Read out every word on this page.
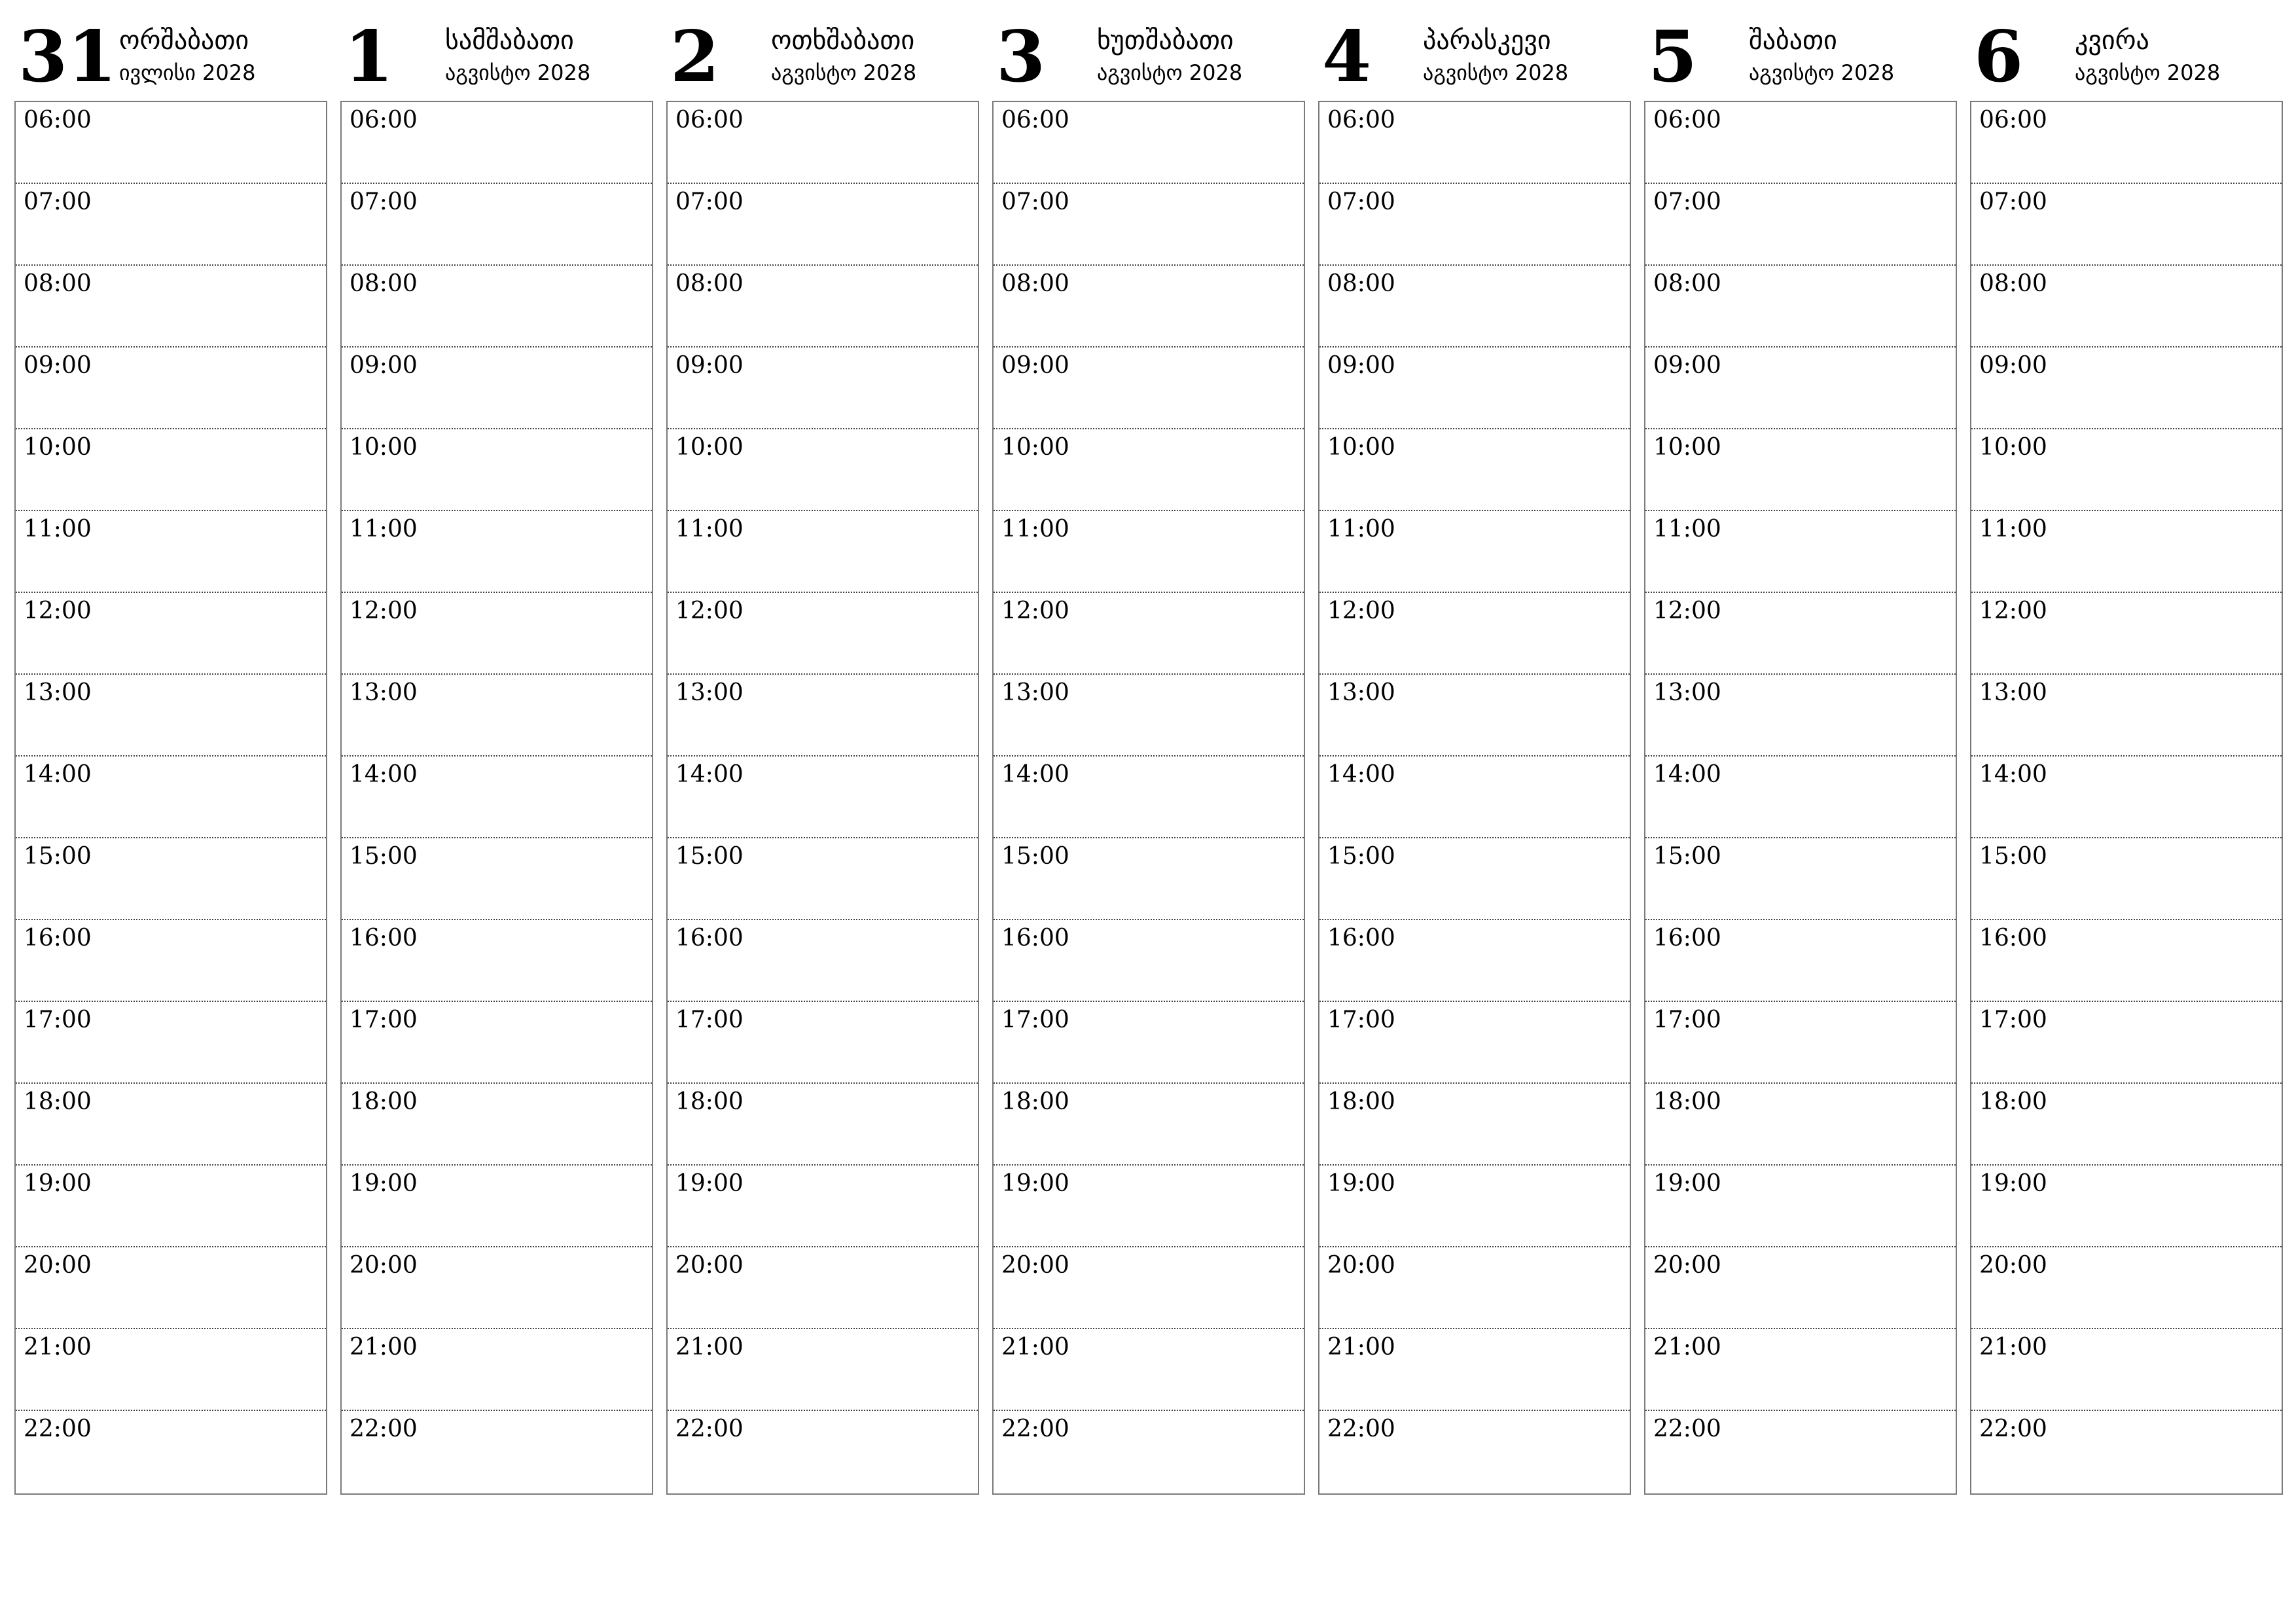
31 ორშაბათი
ივლისი 2028
06:00
07:00
08:00
09:00
10:00
11:00
12:00
13:00
14:00
15:00
16:00
17:00
18:00
19:00
20:00
21:00
22:00
1 სამშაბათი
აგვისტო 2028
06:00
07:00
08:00
09:00
10:00
11:00
12:00
13:00
14:00
15:00
16:00
17:00
18:00
19:00
20:00
21:00
22:00
2 ოთხშაბათი
აგვისტო 2028
06:00
07:00
08:00
09:00
10:00
11:00
12:00
13:00
14:00
15:00
16:00
17:00
18:00
19:00
20:00
21:00
22:00
3 ხუთშაბათი
აგვისტო 2028
06:00
07:00
08:00
09:00
10:00
11:00
12:00
13:00
14:00
15:00
16:00
17:00
18:00
19:00
20:00
21:00
22:00
4 პარასკევი
აგვისტო 2028
06:00
07:00
08:00
09:00
10:00
11:00
12:00
13:00
14:00
15:00
16:00
17:00
18:00
19:00
20:00
21:00
22:00
5 შაბათი
აგვისტო 2028
06:00
07:00
08:00
09:00
10:00
11:00
12:00
13:00
14:00
15:00
16:00
17:00
18:00
19:00
20:00
21:00
22:00
6 კვირა
აგვისტო 2028
06:00
07:00
08:00
09:00
10:00
11:00
12:00
13:00
14:00
15:00
16:00
17:00
18:00
19:00
20:00
21:00
22:00
